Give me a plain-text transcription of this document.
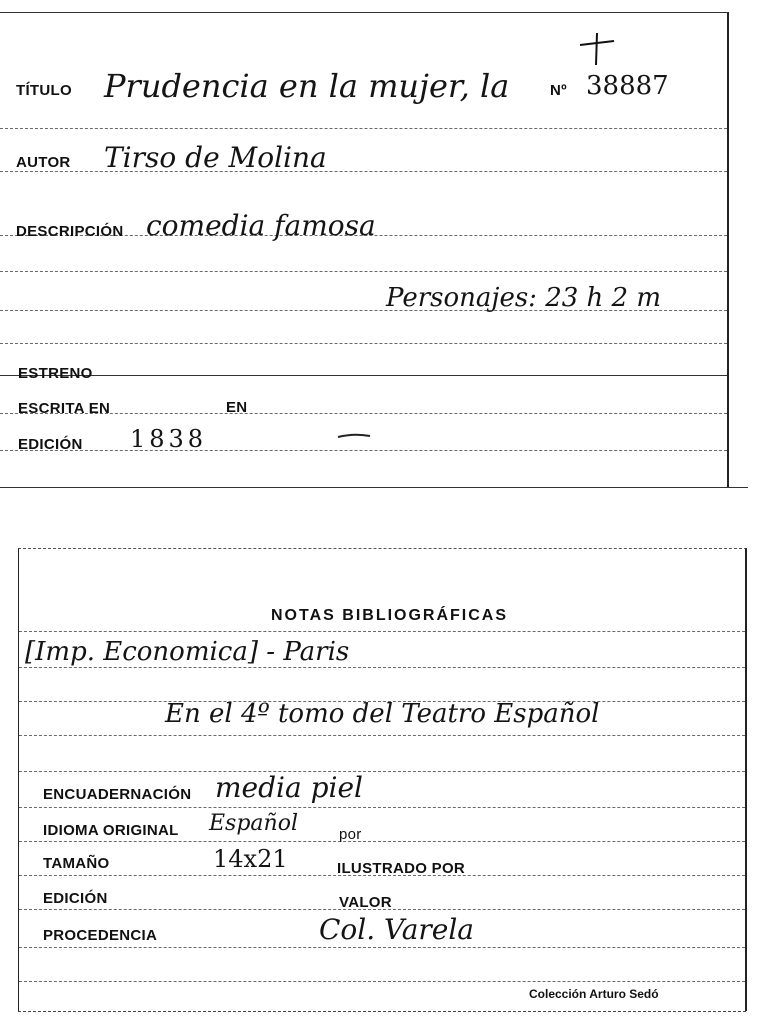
TÍTULO Prudencia en la mujer, la	Nº 38887
AUTOR Tirso de Molina
DESCRIPCIÓN comedia famosa
Personajes: 23 h 2 m
ESTRENO
ESCRITA EN	EN
EDICIÓN 1838
NOTAS BIBLIOGRÁFICAS
[Imp. Economica] - Paris
En el 4º tomo del Teatro Español
ENCUADERNACIÓN media piel
IDIOMA ORIGINAL Español	por
TAMAÑO	14x21	ILUSTRADO POR
EDICIÓN	VALOR
PROCEDENCIA	Col. Varela
Colección Arturo Sedó
